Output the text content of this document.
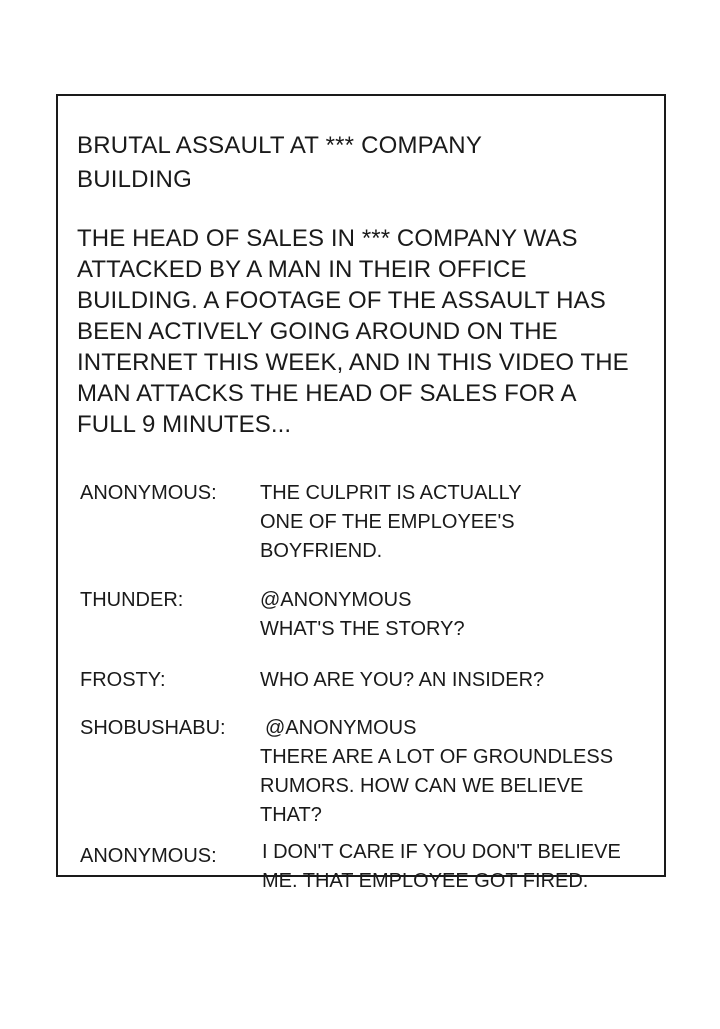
BRUTAL ASSAULT AT *** COMPANY
BUILDING

THE HEAD OF SALES IN *** COMPANY WAS
ATTACKED BY A MAN IN THEIR OFFICE
BUILDING. A FOOTAGE OF THE ASSAULT HAS
BEEN ACTIVELY GOING AROUND ON THE
INTERNET THIS WEEK, AND IN THIS VIDEO THE
MAN ATTACKS THE HEAD OF SALES FOR A
FULL 9 MINUTES...

ANONYMOUS: THE CULPRIT IS ACTUALLY
ONE OF THE EMPLOYEE'S
BOYFRIEND.
THUNDER:	@ANONYMOUS
WHAT'S THE STORY?
FROSTY:	WHO ARE YOU? AN INSIDER?
SHOBUSHABU: @ANONYMOUS
THERE ARE A LOT OF GROUNDLESS
RUMORS. HOW CAN WE BELIEVE
THAT?
ANONYMOUS: I DON'T CARE IF YOU DON'T BELIEVE
ME. THAT EMPLOYEE GOT FIRED.
